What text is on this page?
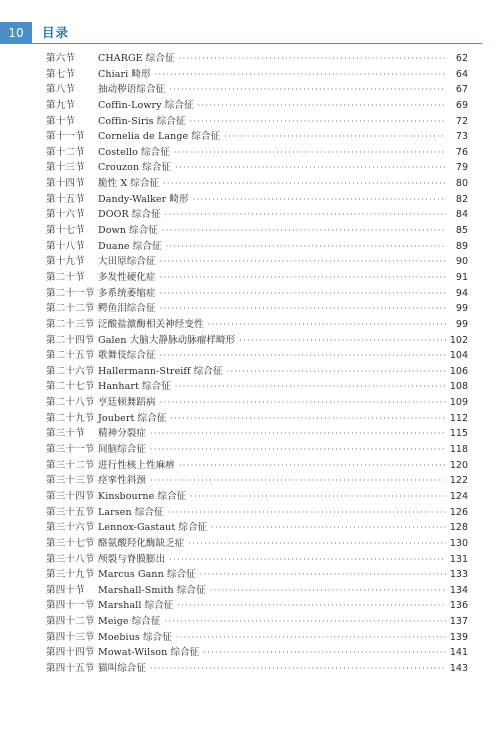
10	目录
第六节	CHARGE 综合征 ·····	62
第七节	Chiari 畸形 ·····	64
第八节	抽动秽语综合征 ·····	67
第九节	Coffin-Lowry 综合征 ·····	69
第十节	Coffin-Siris 综合征 ·····	72
第十一节	Cornelia de Lange 综合征 ·····	73
第十二节	Costello 综合征 ·····	76
第十三节	Crouzon 综合征 ·····	79
第十四节	脆性 X 综合征 ·····	80
第十五节	Dandy-Walker 畸形 ·····	82
第十六节	DOOR 综合征 ·····	84
第十七节	Down 综合征 ·····	85
第十八节	Duane 综合征 ·····	89
第十九节	大田原综合征 ·····	90
第二十节	多发性硬化症 ·····	91
第二十一节 多系统萎缩症 ·····	94
第二十二节 鳄鱼泪综合征 ·····	99
第二十三节 泛酸盐激酶相关神经变性 ·····	99
第二十四节 Galen 大脑大静脉动脉瘤样畸形 ·····	102
第二十五节 歌舞伎综合征 ·····	104
第二十六节 Hallermann-Streiff 综合征 ·····	106
第二十七节 Hanhart 综合征 ·····	108
第二十八节 亨廷顿舞蹈病 ·····	109
第二十九节 Joubert 综合征 ·····	112
第三十节	精神分裂症 ·····	115
第三十一节 间脑综合征 ·····	118
第三十二节 进行性核上性麻痹 ·····	120
第三十三节 痉挛性斜颈 ·····	122
第三十四节 Kinsbourne 综合征 ·····	124
第三十五节 Larsen 综合征 ·····	126
第三十六节 Lennox-Gastaut 综合征 ·····	128
第三十七节 酪氨酸羟化酶缺乏症 ·····	130
第三十八节 颅裂与脊膜膨出 ·····	131
第三十九节 Marcus Gann 综合征 ·····	133
第四十节	Marshall-Smith 综合征 ·····	134
第四十一节 Marshall 综合征 ·····	136
第四十二节 Meige 综合征 ·····	137
第四十三节 Moebius 综合征 ·····	139
第四十四节 Mowat-Wilson 综合征 ·····	141
第四十五节 猫叫综合征 ·····	143
